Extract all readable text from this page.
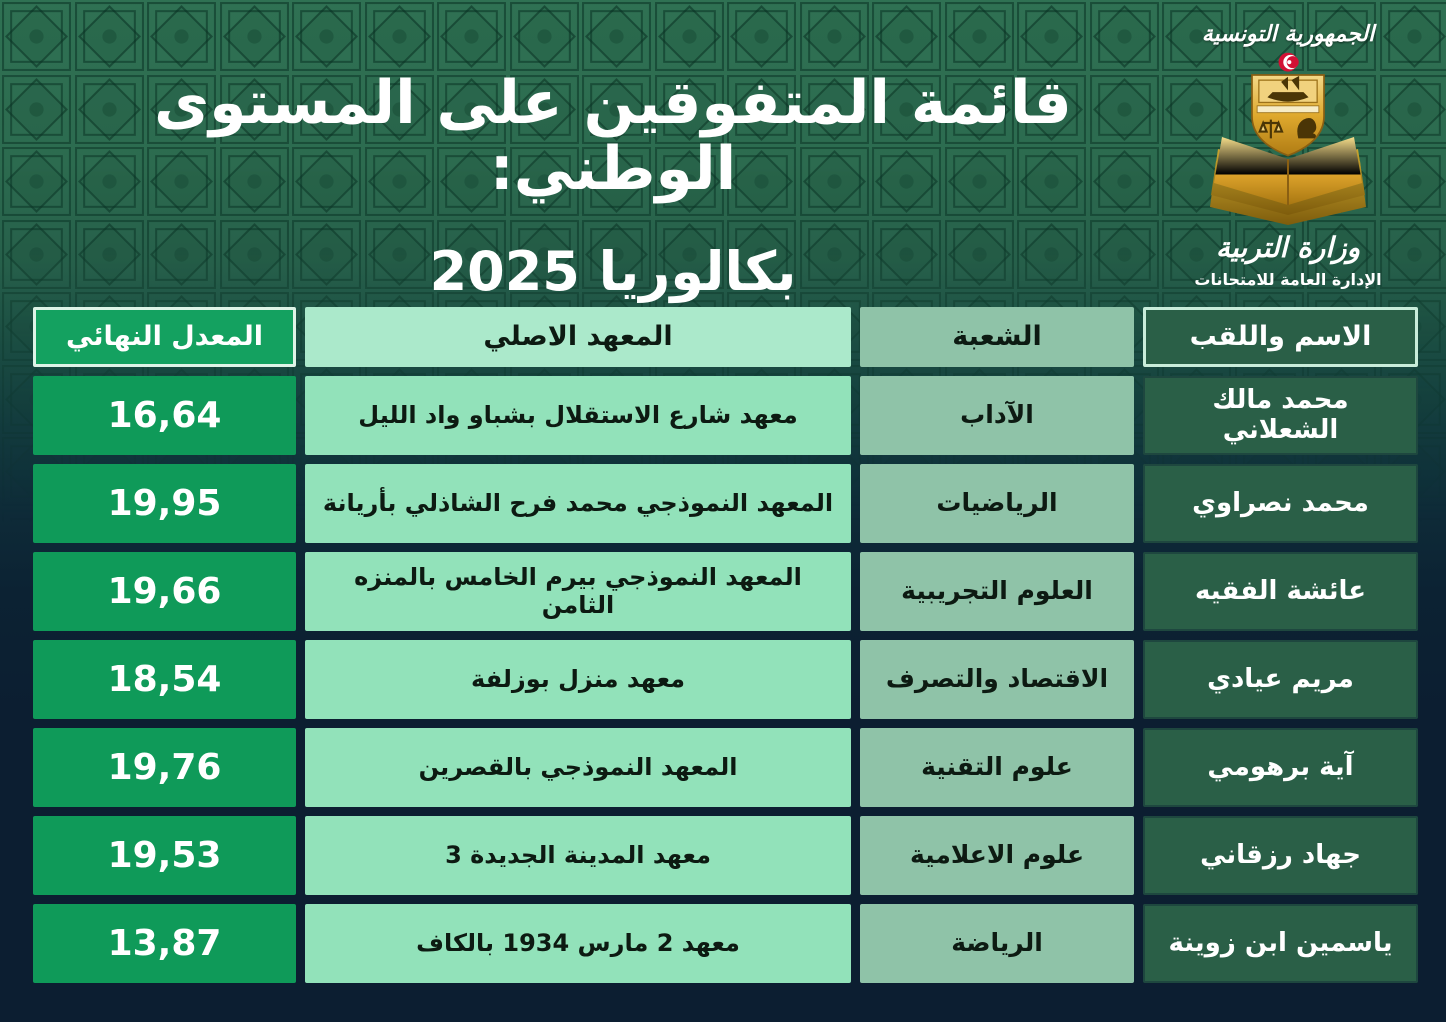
الجمهورية التونسية
وزارة التربية
الإدارة العامة للامتحانات
قائمة المتفوقين على المستوى الوطني:
بكالوريا 2025
الاسم واللقب
الشعبة
المعهد الاصلي
المعدل النهائي
محمد مالك الشعلاني
الآداب
معهد شارع الاستقلال بشباو واد الليل
16,64
محمد نصراوي
الرياضيات
المعهد النموذجي محمد فرح الشاذلي بأريانة
19,95
عائشة الفقيه
العلوم التجريبية
المعهد النموذجي بيرم الخامس بالمنزه الثامن
19,66
مريم عيادي
الاقتصاد والتصرف
معهد منزل بوزلفة
18,54
آية برهومي
علوم التقنية
المعهد النموذجي بالقصرين
19,76
جهاد رزقاني
علوم الاعلامية
معهد المدينة الجديدة 3
19,53
ياسمين ابن زوينة
الرياضة
معهد 2 مارس 1934 بالكاف
13,87
